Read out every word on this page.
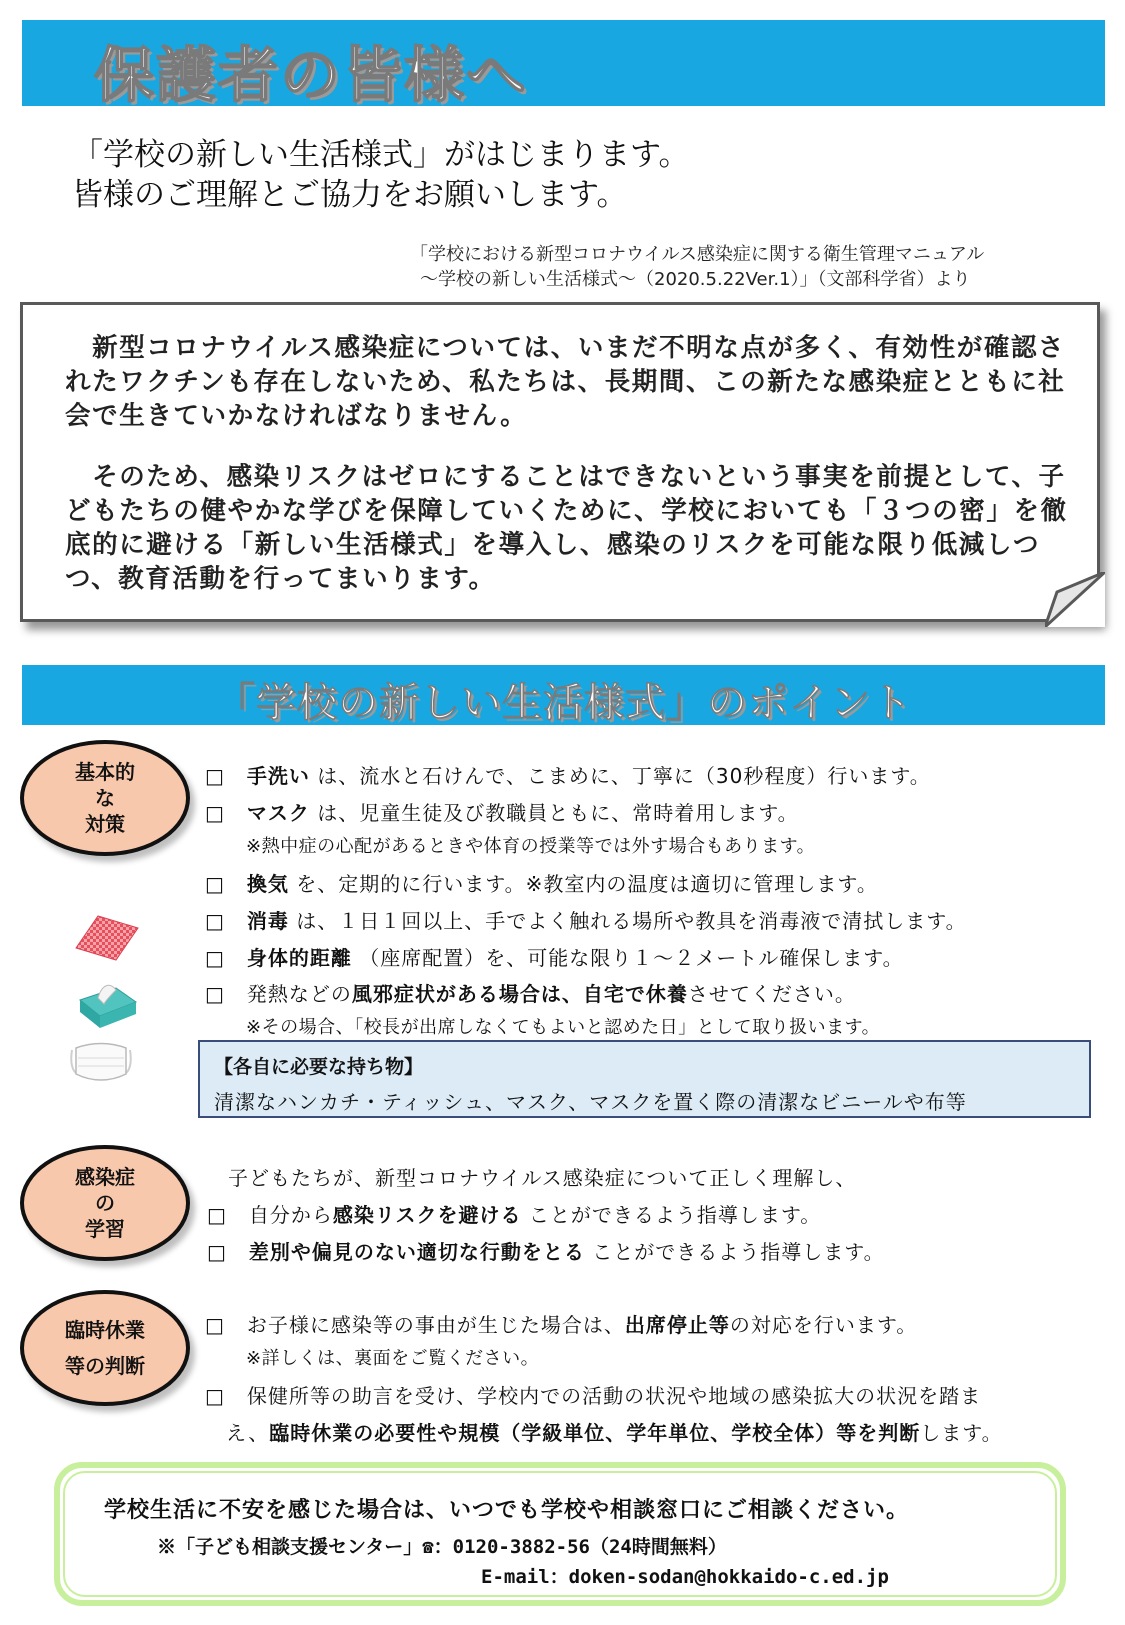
保護者の皆様へ
「学校の新しい生活様式」がはじまります。
皆様のご理解とご協力をお願いします。
「学校における新型コロナウイルス感染症に関する衛生管理マニュアル
～学校の新しい生活様式～（2020.5.22Ver.1）」（文部科学省）より
　新型コロナウイルス感染症については、いまだ不明な点が多く、有効性が確認されたワクチンも存在しないため、私たちは、長期間、この新たな感染症とともに社会で生きていかなければなりません。
　そのため、感染リスクはゼロにすることはできないという事実を前提として、子どもたちの健やかな学びを保障していくために、学校においても「３つの密」を徹底的に避ける「新しい生活様式」を導入し、感染のリスクを可能な限り低減しつつ、教育活動を行ってまいります。
「学校の新しい生活様式」のポイント
基本的
な
対策
□ 手洗い は、流水と石けんで、こまめに、丁寧に（30秒程度）行います。
□ マスク は、児童生徒及び教職員ともに、常時着用します。
※熱中症の心配があるときや体育の授業等では外す場合もあります。
□ 換気 を、定期的に行います。※教室内の温度は適切に管理します。
□ 消毒 は、１日１回以上、手でよく触れる場所や教具を消毒液で清拭します。
□ 身体的距離 （座席配置）を、可能な限り１～２メートル確保します。
□ 発熱などの風邪症状がある場合は、自宅で休養させてください。
※その場合、「校長が出席しなくてもよいと認めた日」として取り扱います。
【各自に必要な持ち物】
清潔なハンカチ・ティッシュ、マスク、マスクを置く際の清潔なビニールや布等
感染症
の
学習
子どもたちが、新型コロナウイルス感染症について正しく理解し、
□ 自分から感染リスクを避ける ことができるよう指導します。
□ 差別や偏見のない適切な行動をとる ことができるよう指導します。
臨時休業
等の判断
□ お子様に感染等の事由が生じた場合は、出席停止等の対応を行います。
※詳しくは、裏面をご覧ください。
□ 保健所等の助言を受け、学校内での活動の状況や地域の感染拡大の状況を踏ま
え、臨時休業の必要性や規模（学級単位、学年単位、学校全体）等を判断します。
学校生活に不安を感じた場合は、いつでも学校や相談窓口にご相談ください。
※「子ども相談支援センター」☎：0120-3882-56（24時間無料）
E-mail：doken-sodan@hokkaido-c.ed.jp
